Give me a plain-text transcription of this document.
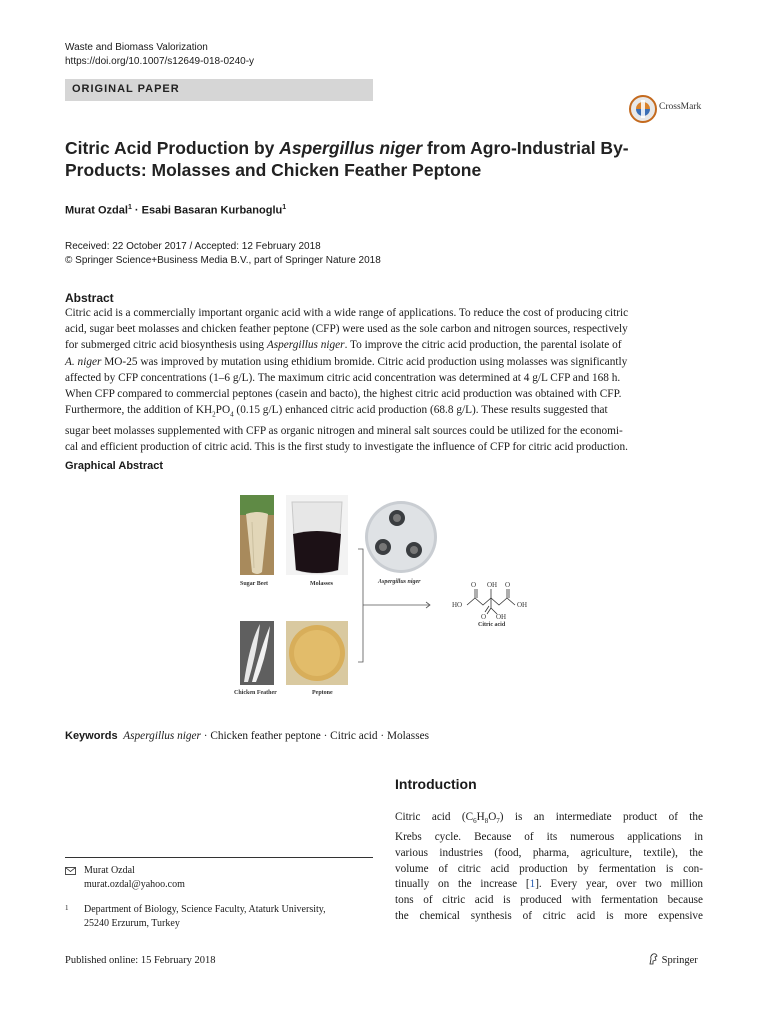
Waste and Biomass Valorization
https://doi.org/10.1007/s12649-018-0240-y
ORIGINAL PAPER
CrossMark
Citric Acid Production by Aspergillus niger from Agro-Industrial By-
Products: Molasses and Chicken Feather Peptone
Murat Ozdal$^1$ · Esabi Basaran Kurbanoglu$^1$
Received: 22 October 2017 / Accepted: 12 February 2018
© Springer Science+Business Media B.V., part of Springer Nature 2018
Abstract
Citric acid is a commercially important organic acid with a wide range of applications. To reduce the cost of producing citric
acid, sugar beet molasses and chicken feather peptone (CFP) were used as the sole carbon and nitrogen sources, respectively
for submerged citric acid biosynthesis using Aspergillus niger. To improve the citric acid production, the parental isolate of
A. niger MO-25 was improved by mutation using ethidium bromide. Citric acid production using molasses was significantly
affected by CFP concentrations (1–6 g/L). The maximum citric acid concentration was determined at 4 g/L CFP and 168 h.
When CFP compared to commercial peptones (casein and bacto), the highest citric acid production was obtained with CFP.
Furthermore, the addition of $KH_2PO_4$ (0.15 g/L) enhanced citric acid production (68.8 g/L). These results suggested that
sugar beet molasses supplemented with CFP as organic nitrogen and mineral salt sources could be utilized for the economi-
cal and efficient production of citric acid. This is the first study to investigate the influence of CFP for citric acid production.
Graphical Abstract
Sugar Beet	Molasses	Aspergillus niger
Chicken Feather	Peptone
Citric acid
O OH O
HO	OH
O OH
Keywords Aspergillus niger · Chicken feather peptone · Citric acid · Molasses
Introduction
Citric acid $(C_6H_8O_7)$ is an intermediate product of the
Krebs cycle. Because of its numerous applications in
various industries (food, pharma, agriculture, textile), the
volume of citric acid production by fermentation is con-
tinually on the increase [1]. Every year, over two million
tons of citric acid is produced with fermentation because
the chemical synthesis of citric acid is more expensive
Murat Ozdal
murat.ozdal@yahoo.com
1	Department of Biology, Science Faculty, Ataturk University,
25240 Erzurum, Turkey
Published online: 15 February 2018	Springer
